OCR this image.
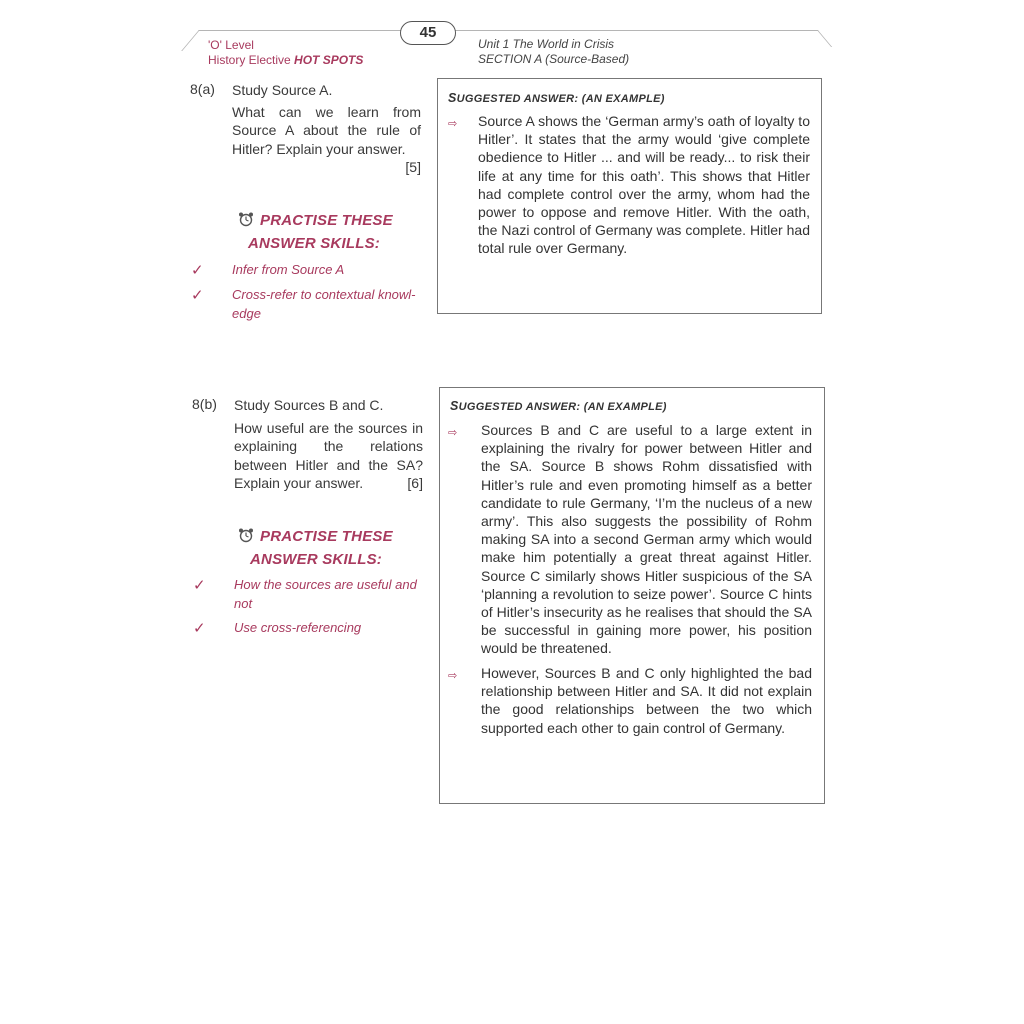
45
'O' Level
History Elective HOT SPOTS
Unit 1 The World in Crisis
SECTION A (Source-Based)
8(a) Study Source A.
What can we learn from Source A about the rule of Hitler? Explain your answer.
[5]
PRACTISE THESE
ANSWER SKILLS:
✓ Infer from Source A
✓ Cross-refer to contextual knowl-edge
SUGGESTED ANSWER: (AN EXAMPLE)
⇨ Source A shows the ‘German army’s oath of loyalty to Hitler’. It states that the army would ‘give complete obedience to Hitler ... and will be ready... to risk their life at any time for this oath’. This shows that Hitler had complete control over the army, whom had the power to oppose and remove Hitler. With the oath, the Nazi control of Germany was complete. Hitler had total rule over Germany.
8(b) Study Sources B and C.
How useful are the sources in explaining the relations between Hitler and the SA? Explain your answer.	[6]
PRACTISE THESE
ANSWER SKILLS:
✓ How the sources are useful and not
✓ Use cross-referencing
SUGGESTED ANSWER: (AN EXAMPLE)
⇨ Sources B and C are useful to a large extent in explaining the rivalry for power between Hitler and the SA. Source B shows Rohm dissatisfied with Hitler’s rule and even promoting himself as a better candidate to rule Germany, ‘I’m the nucleus of a new army’. This also suggests the possibility of Rohm making SA into a second German army which would make him potentially a great threat against Hitler. Source C similarly shows Hitler suspicious of the SA ‘planning a revolution to seize power’. Source C hints of Hitler’s insecurity as he realises that should the SA be successful in gaining more power, his position would be threatened.
⇨ However, Sources B and C only highlighted the bad relationship between Hitler and SA. It did not explain the good relationships between the two which supported each other to gain control of Germany.
